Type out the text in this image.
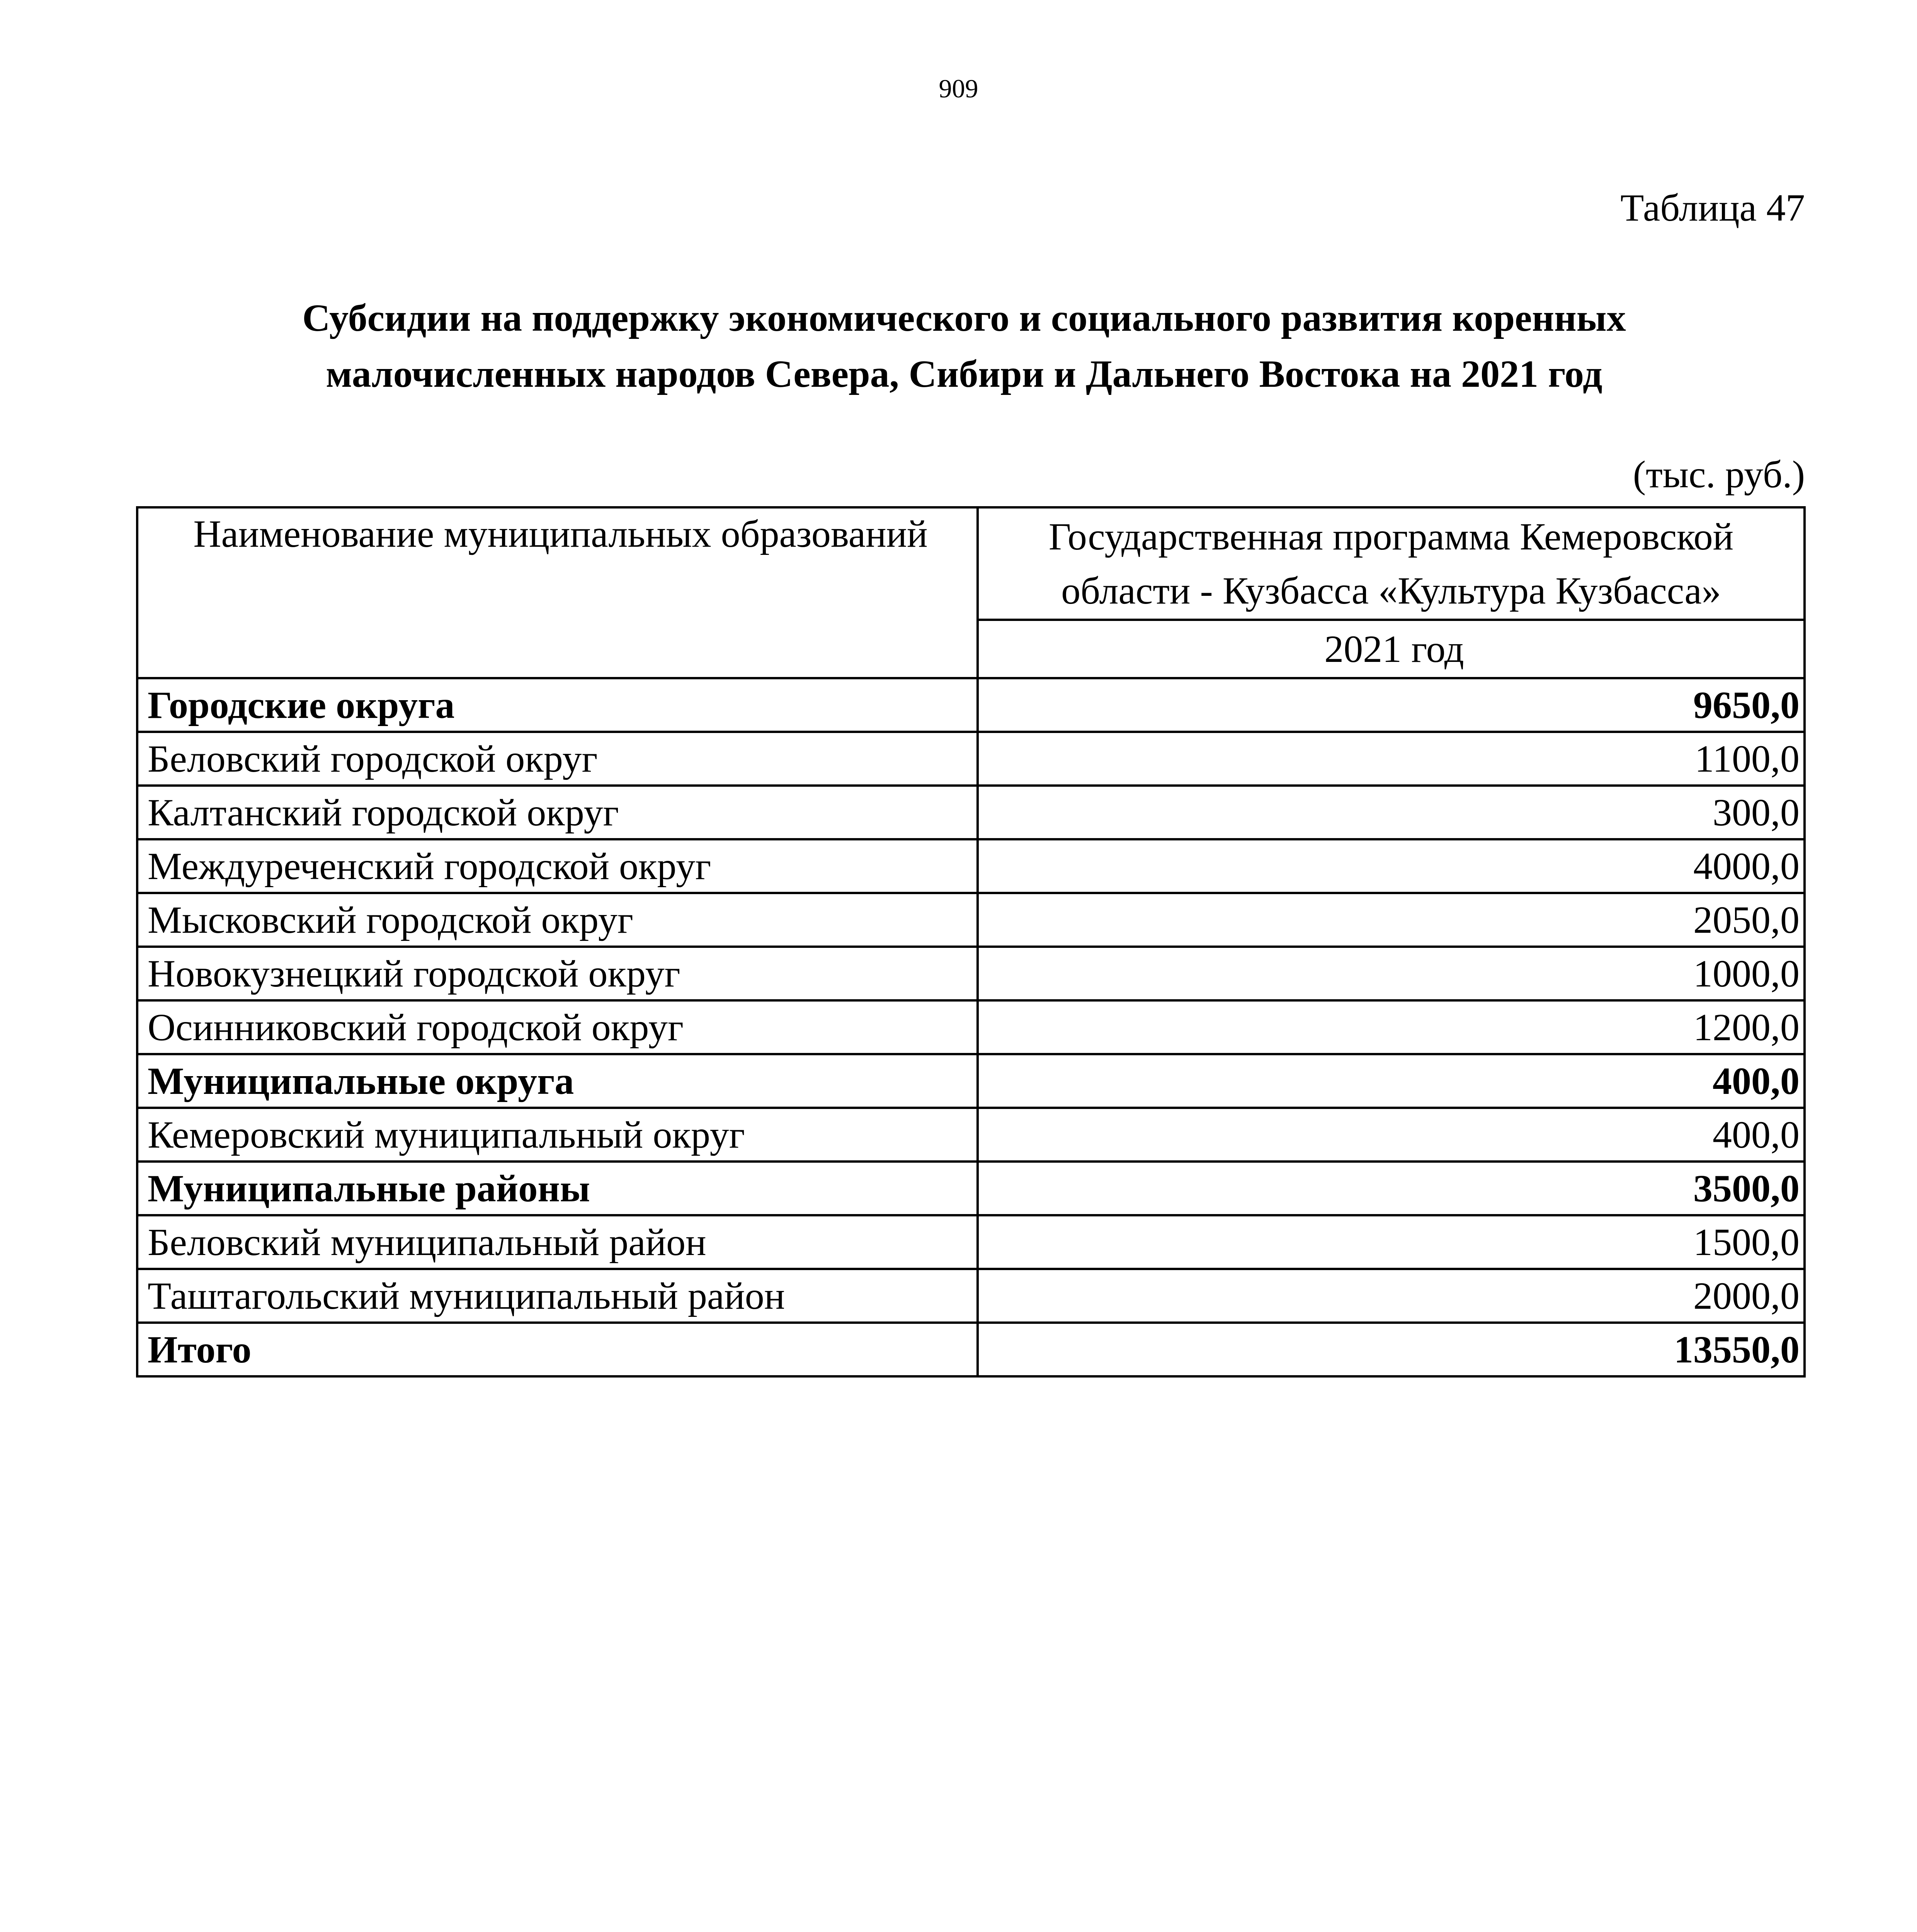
909
Таблица 47
Субсидии на поддержку экономического и социального развития коренных
малочисленных народов Севера, Сибири и Дальнего Востока на 2021 год
(тыс. руб.)
Наименование муниципальных образований	Государственная программа Кемеровской области - Кузбасса «Культура Кузбасса»
	2021 год
Городские округа	9650,0
Беловский городской округ	1100,0
Калтанский городской округ	300,0
Междуреченский городской округ	4000,0
Мысковский городской округ	2050,0
Новокузнецкий городской округ	1000,0
Осинниковский городской округ	1200,0
Муниципальные округа	400,0
Кемеровский муниципальный округ	400,0
Муниципальные районы	3500,0
Беловский муниципальный район	1500,0
Таштагольский муниципальный район	2000,0
Итого	13550,0
